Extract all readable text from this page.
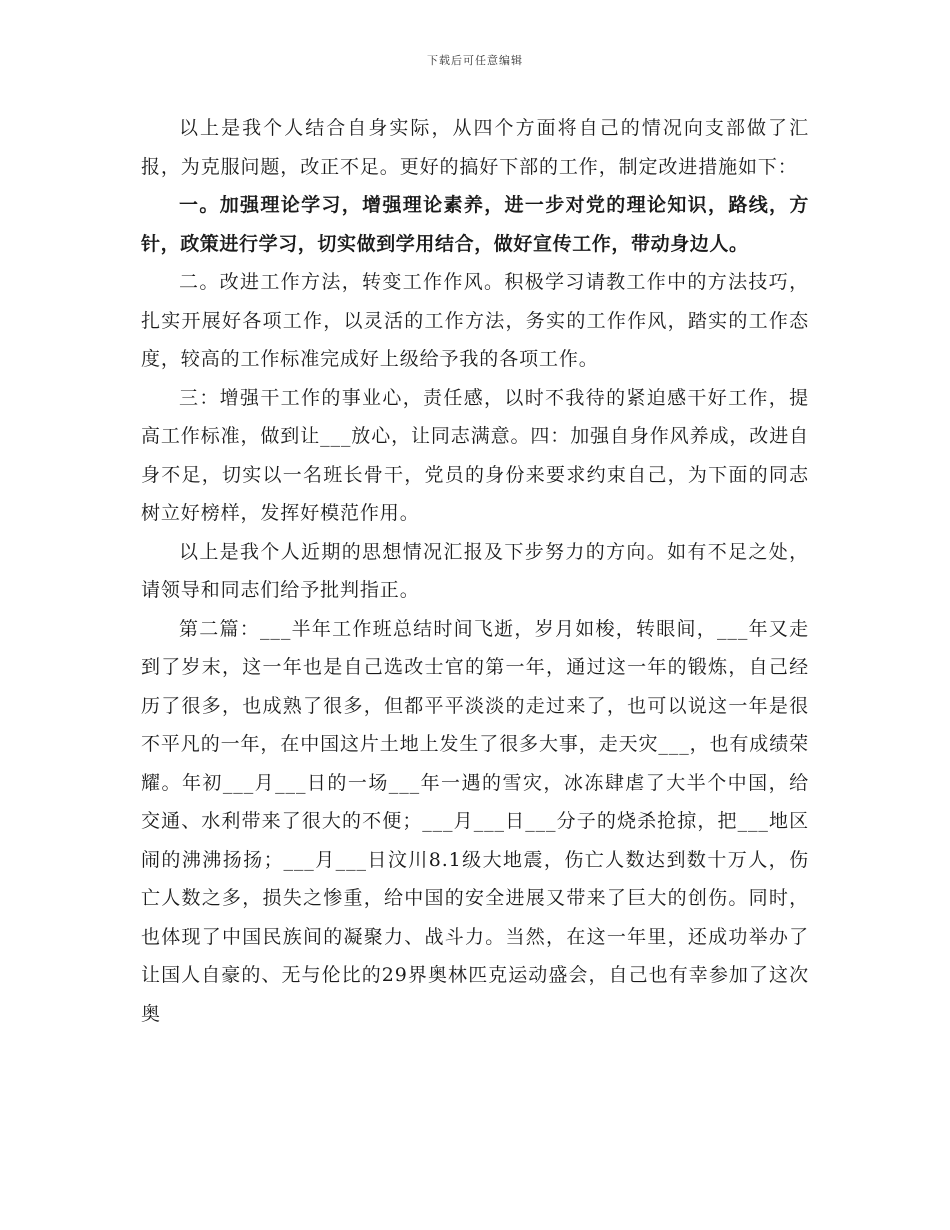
下载后可任意编辑

以上是我个人结合自身实际，从四个方面将自己的情况向支部做了汇报，为克服问题，改正不足。更好的搞好下部的工作，制定改进措施如下：

一。加强理论学习，增强理论素养，进一步对党的理论知识，路线，方针，政策进行学习，切实做到学用结合，做好宣传工作，带动身边人。

二。改进工作方法，转变工作作风。积极学习请教工作中的方法技巧，扎实开展好各项工作，以灵活的工作方法，务实的工作作风，踏实的工作态度，较高的工作标准完成好上级给予我的各项工作。

三：增强干工作的事业心，责任感，以时不我待的紧迫感干好工作，提高工作标准，做到让___放心，让同志满意。四：加强自身作风养成，改进自身不足，切实以一名班长骨干，党员的身份来要求约束自己，为下面的同志树立好榜样，发挥好模范作用。

以上是我个人近期的思想情况汇报及下步努力的方向。如有不足之处，请领导和同志们给予批判指正。

第二篇：___半年工作班总结时间飞逝，岁月如梭，转眼间，___年又走到了岁末，这一年也是自己选改士官的第一年，通过这一年的锻炼，自己经历了很多，也成熟了很多，但都平平淡淡的走过来了，也可以说这一年是很不平凡的一年，在中国这片土地上发生了很多大事，走天灾___，也有成绩荣耀。年初___月___日的一场___年一遇的雪灾，冰冻肆虐了大半个中国，给交通、水利带来了很大的不便；___月___日___分子的烧杀抢掠，把___地区闹的沸沸扬扬；___月___日汶川8.1级大地震，伤亡人数达到数十万人，伤亡人数之多，损失之惨重，给中国的安全进展又带来了巨大的创伤。同时，也体现了中国民族间的凝聚力、战斗力。当然，在这一年里，还成功举办了让国人自豪的、无与伦比的29界奥林匹克运动盛会，自己也有幸参加了这次奥
